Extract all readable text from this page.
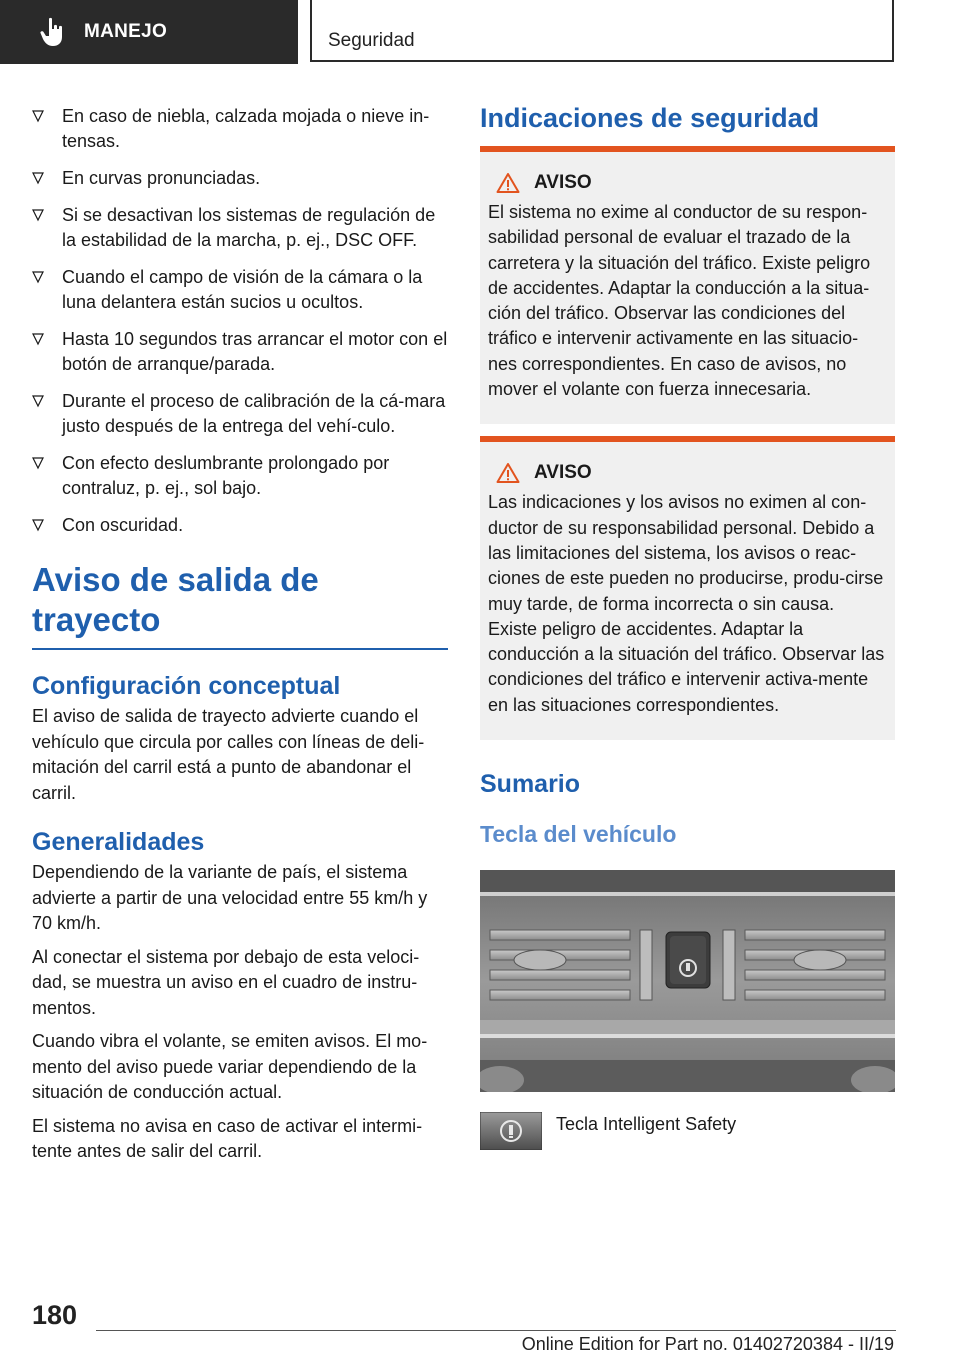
MANEJO	Seguridad
En caso de niebla, calzada mojada o nieve in‐tensas.
En curvas pronunciadas.
Si se desactivan los sistemas de regulación de la estabilidad de la marcha, p. ej., DSC OFF.
Cuando el campo de visión de la cámara o la luna delantera están sucios u ocultos.
Hasta 10 segundos tras arrancar el motor con el botón de arranque/parada.
Durante el proceso de calibración de la cá‐mara justo después de la entrega del vehí‐culo.
Con efecto deslumbrante prolongado por contraluz, p. ej., sol bajo.
Con oscuridad.
Aviso de salida de trayecto
Configuración conceptual

El aviso de salida de trayecto advierte cuando el vehículo que circula por calles con líneas de deli‐mitación del carril está a punto de abandonar el carril.

Generalidades

Dependiendo de la variante de país, el sistema advierte a partir de una velocidad entre 55 km/h y 70 km/h.

Al conectar el sistema por debajo de esta veloci‐dad, se muestra un aviso en el cuadro de instru‐mentos.

Cuando vibra el volante, se emiten avisos. El mo‐mento del aviso puede variar dependiendo de la situación de conducción actual.

El sistema no avisa en caso de activar el intermi‐tente antes de salir del carril.

Indicaciones de seguridad
AVISO

El sistema no exime al conductor de su respon‐sabilidad personal de evaluar el trazado de la carretera y la situación del tráfico. Existe peligro de accidentes. Adaptar la conducción a la situa‐ción del tráfico. Observar las condiciones del tráfico e intervenir activamente en las situacio‐nes correspondientes. En caso de avisos, no mover el volante con fuerza innecesaria.

AVISO

Las indicaciones y los avisos no eximen al con‐ductor de su responsabilidad personal. Debido a las limitaciones del sistema, los avisos o reac‐ciones de este pueden no producirse, produ‐cirse muy tarde, de forma incorrecta o sin causa. Existe peligro de accidentes. Adaptar la conducción a la situación del tráfico. Observar las condiciones del tráfico e intervenir activa‐mente en las situaciones correspondientes.

Sumario
Tecla del vehículo
Tecla Intelligent Safety
180
Online Edition for Part no. 01402720384 - II/19
